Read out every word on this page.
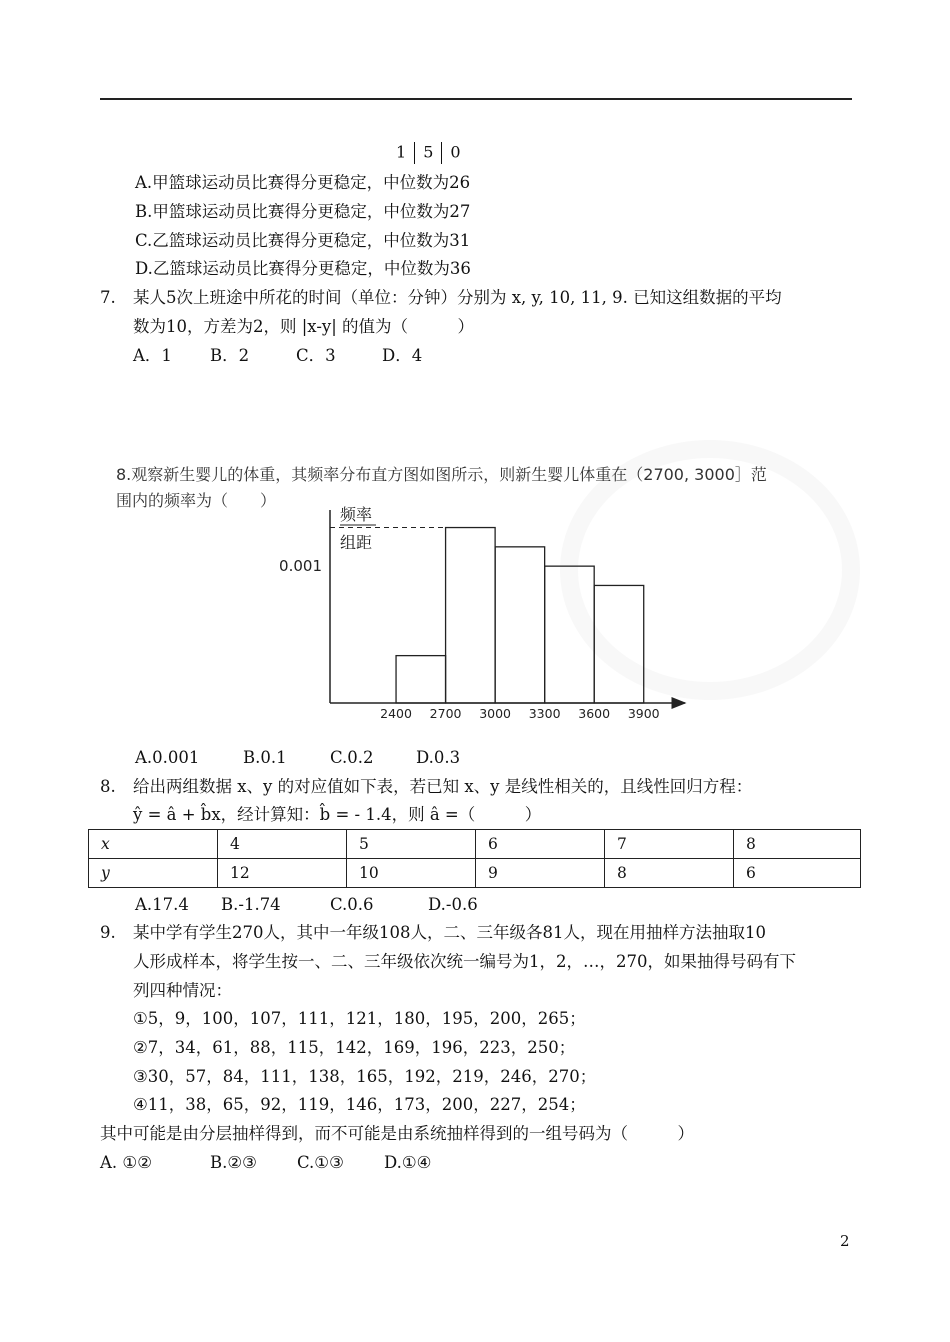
1 5 0
A.甲篮球运动员比赛得分更稳定，中位数为26
B.甲篮球运动员比赛得分更稳定，中位数为27
C.乙篮球运动员比赛得分更稳定，中位数为31
D.乙篮球运动员比赛得分更稳定，中位数为36
7. 某人5次上班途中所花的时间（单位：分钟）分别为 x, y, 10, 11, 9. 已知这组数据的平均
数为10，方差为2，则 |x-y| 的值为（　　　）
A．1 B．2	C．3	D．4
8.观察新生婴儿的体重，其频率分布直方图如图所示，则新生婴儿体重在（2700, 3000］范
围内的频率为（　　）
频率
组距
0.001
2400 2700 3000 3300 3600 3900
A.0.001	B.0.1	C.0.2	D.0.3
8. 给出两组数据 x、y 的对应值如下表，若已知 x、y 是线性相关的，且线性回归方程：
ŷ = â + b̂x，经计算知：b̂ = - 1.4，则 â =（　　　）
x	4	5	6	7	8
y	12	10	9	8	6
A.17.4 B.-1.74	C.0.6	D.-0.6
9. 某中学有学生270人，其中一年级108人，二、三年级各81人，现在用抽样方法抽取10
人形成样本，将学生按一、二、三年级依次统一编号为1，2，…，270，如果抽得号码有下
列四种情况：
①5，9，100，107，111，121，180，195，200，265；
②7，34，61，88，115，142，169，196，223，250；
③30，57，84，111，138，165，192，219，246，270；
④11，38，65，92，119，146，173，200，227，254；
其中可能是由分层抽样得到，而不可能是由系统抽样得到的一组号码为（　　　）
A. ①②	B.②③ C.①③ D.①④
2
